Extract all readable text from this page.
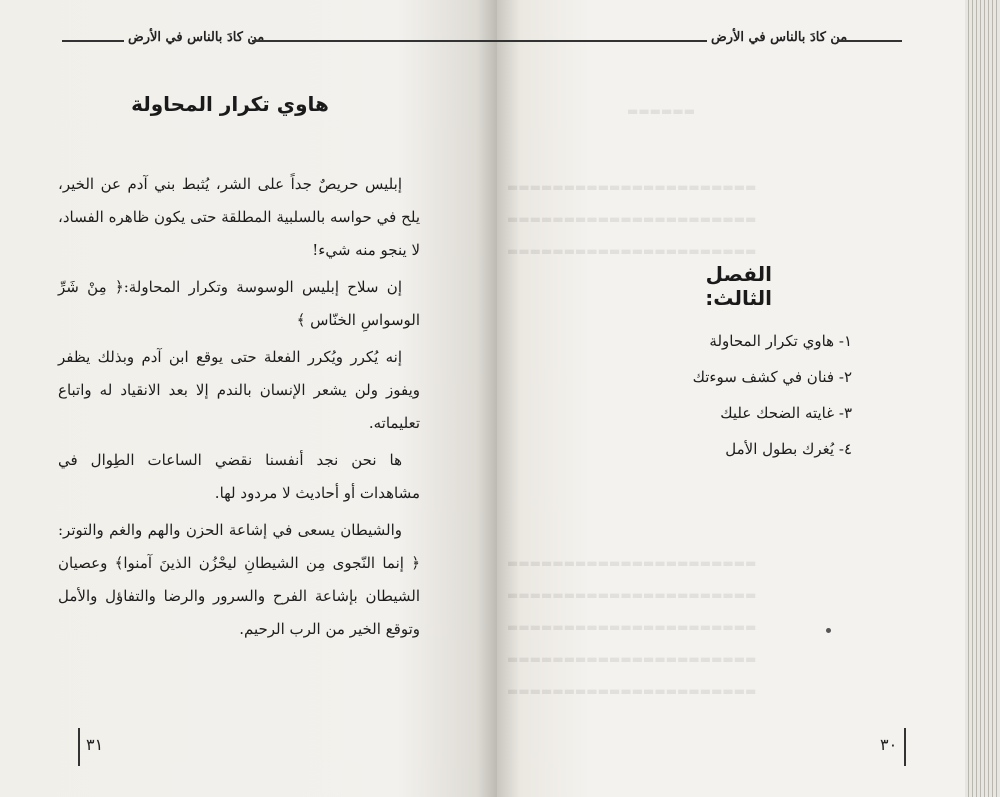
من كادَ بالناس في الأرض
هاوي تكرار المحاولة

إبليس حريصٌ جداً على الشر، يُثبط بني آدم عن الخير، يلح في حواسه بالسلبية المطلقة حتى يكون ظاهره الفساد، لا ينجو منه شيء!

إن سلاح إبليس الوسوسة وتكرار المحاولة:﴿ مِنْ شَرِّ الوسواسِ الخنّاس ﴾

إنه يُكرر ويُكرر الفعلة حتى يوقع ابن آدم وبذلك يظفر ويفوز ولن يشعر الإنسان بالندم إلا بعد الانقياد له واتباع تعليماته.

ها نحن نجد أنفسنا نقضي الساعات الطِوال في مشاهدات أو أحاديث لا مردود لها.

والشيطان يسعى في إشاعة الحزن والهم والغم والتوتر:﴿ إنما النّجوى مِن الشيطانِ ليحْزُن الذينَ آمنوا﴾ وعصيان الشيطان بإشاعة الفرح والسرور والرضا والتفاؤل والأمل وتوقع الخير من الرب الرحيم.

٣١
▬▬▬▬▬▬
▬▬▬▬▬▬▬▬▬▬▬▬▬▬▬▬▬▬▬▬▬▬
▬▬▬▬▬▬▬▬▬▬▬▬▬▬▬▬▬▬▬▬▬▬
▬▬▬▬▬▬▬▬▬▬▬▬▬▬▬▬▬▬▬▬▬▬
▬▬▬▬▬▬▬▬▬▬▬▬▬▬▬▬▬▬▬▬▬▬
▬▬▬▬▬▬▬▬▬▬▬▬▬▬▬▬▬▬▬▬▬▬
▬▬▬▬▬▬▬▬▬▬▬▬▬▬▬▬▬▬▬▬▬▬
▬▬▬▬▬▬▬▬▬▬▬▬▬▬▬▬▬▬▬▬▬▬
▬▬▬▬▬▬▬▬▬▬▬▬▬▬▬▬▬▬▬▬▬▬
من كادَ بالناس في الأرض
الفصل الثالث:
١- هاوي تكرار المحاولة
٢- فنان في كشف سوءتك
٣- غايته الضحك عليك
٤- يُغرك بطول الأمل
٣٠
